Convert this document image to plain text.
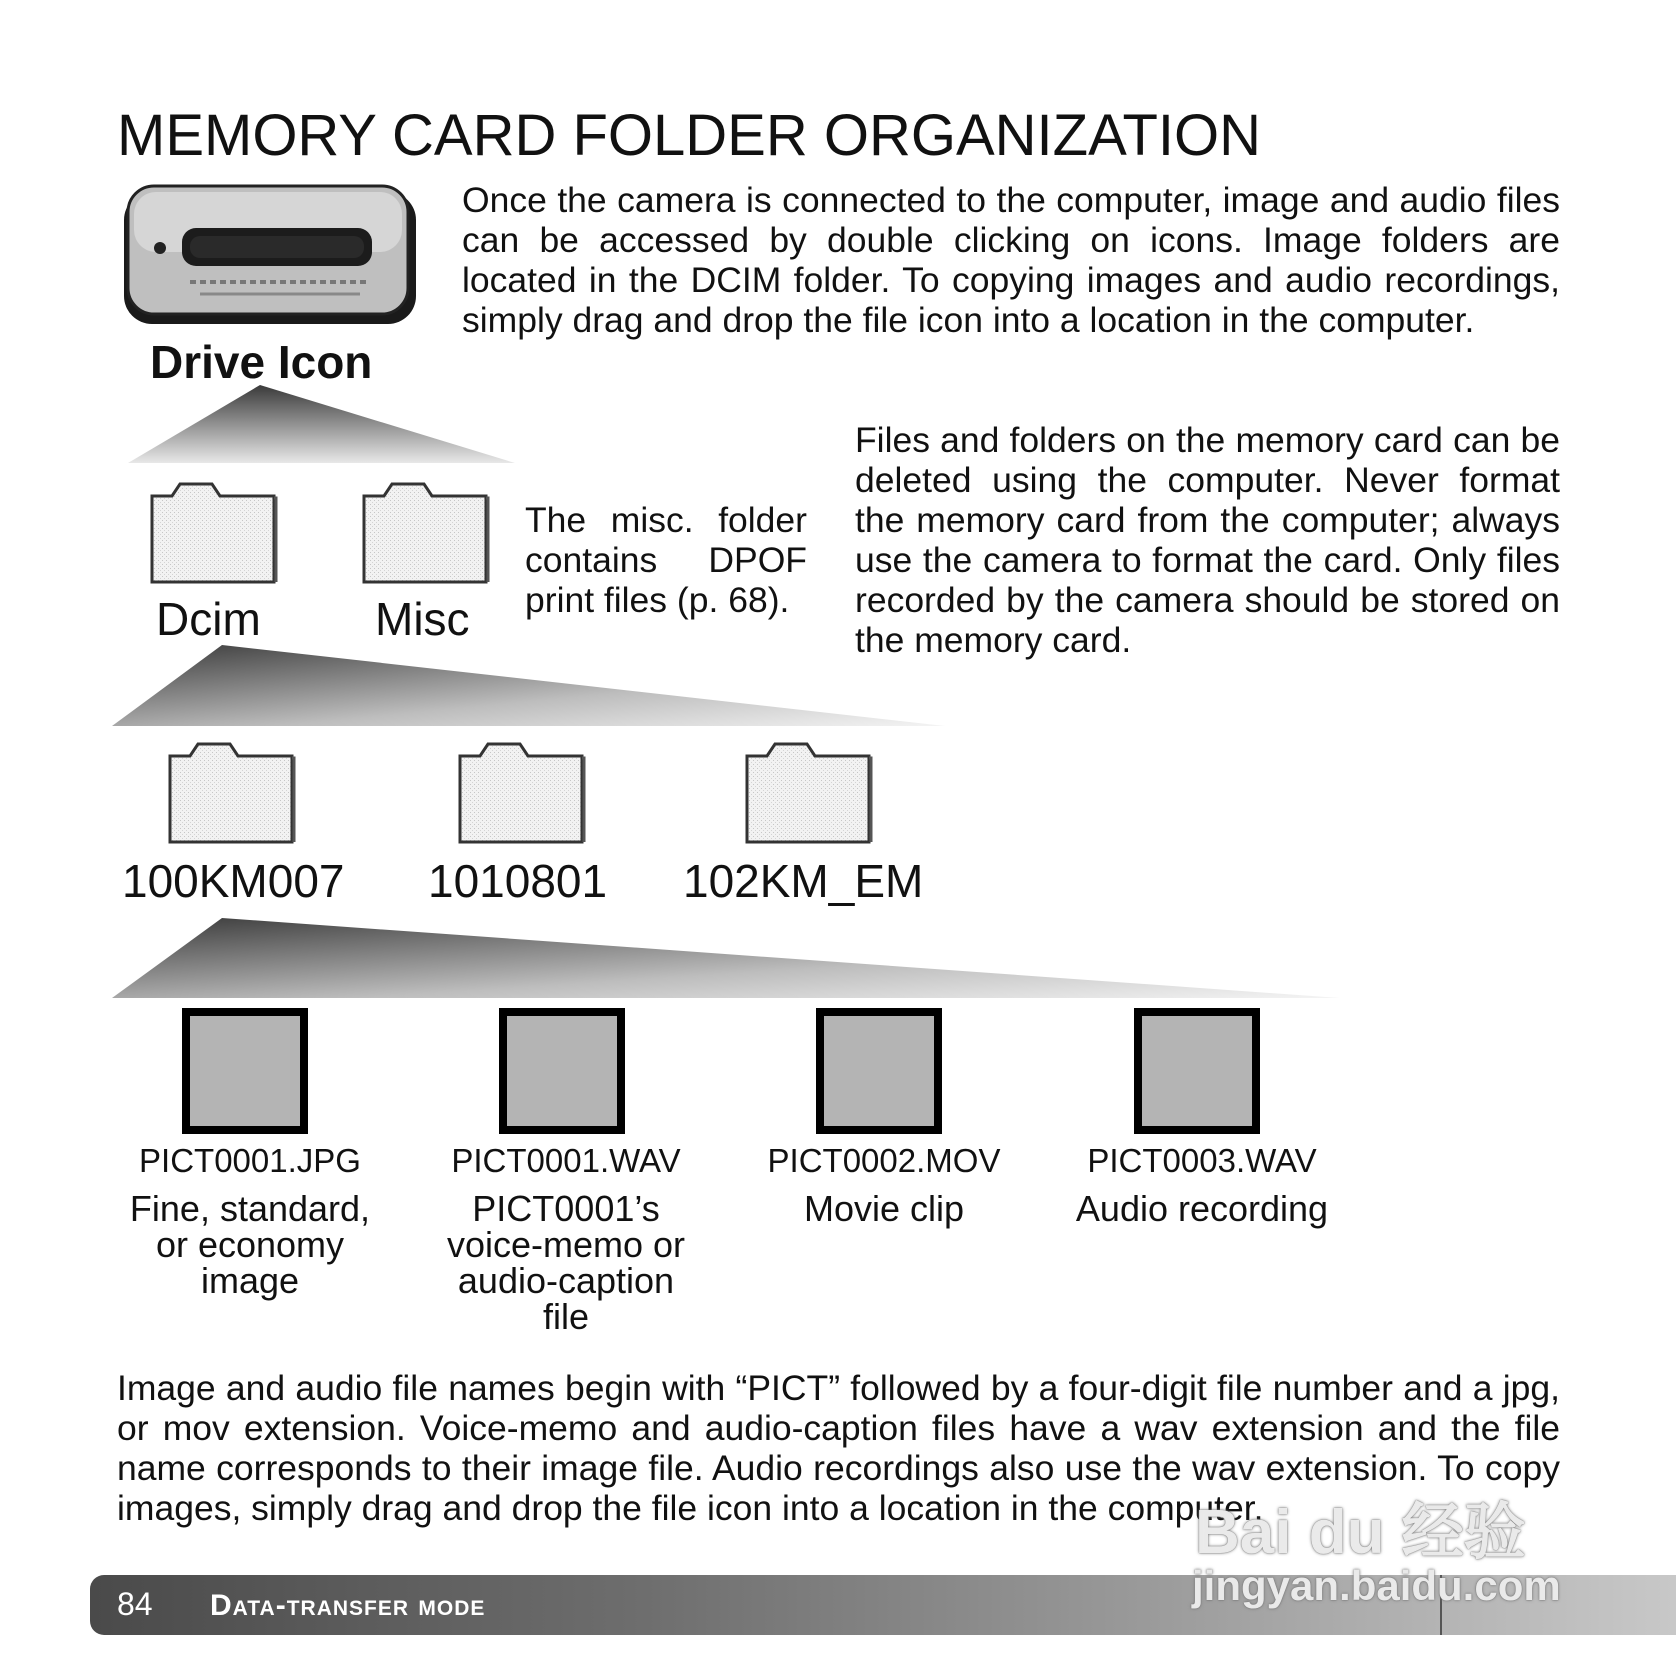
MEMORY CARD FOLDER ORGANIZATION
Drive Icon
Once the camera is connected to the computer, image and audio files can be accessed by double clicking on icons. Image folders are located in the DCIM folder. To copying images and audio recordings, simply drag and drop the file icon into a location in the computer.
Dcim Misc
The misc. folder contains DPOF print files (p. 68).
Files and folders on the memory card can be deleted using the computer. Never format the memory card from the computer; always use the camera to format the card. Only files recorded by the camera should be stored on the memory card.
100KM007 1010801 102KM_EM
PICT0001.JPG
Fine, standard, or economy image
PICT0001.WAV
PICT0001’s voice-memo or audio-caption file
PICT0002.MOV
Movie clip
PICT0003.WAV
Audio recording
Image and audio file names begin with “PICT” followed by a four-digit file number and a jpg, or mov extension. Voice-memo and audio-caption files have a wav extension and the file name corresponds to their image file. Audio recordings also use the wav extension. To copy images, simply drag and drop the file icon into a location in the computer.
84 Data-transfer mode
Bai du 经验
jingyan.baidu.com
